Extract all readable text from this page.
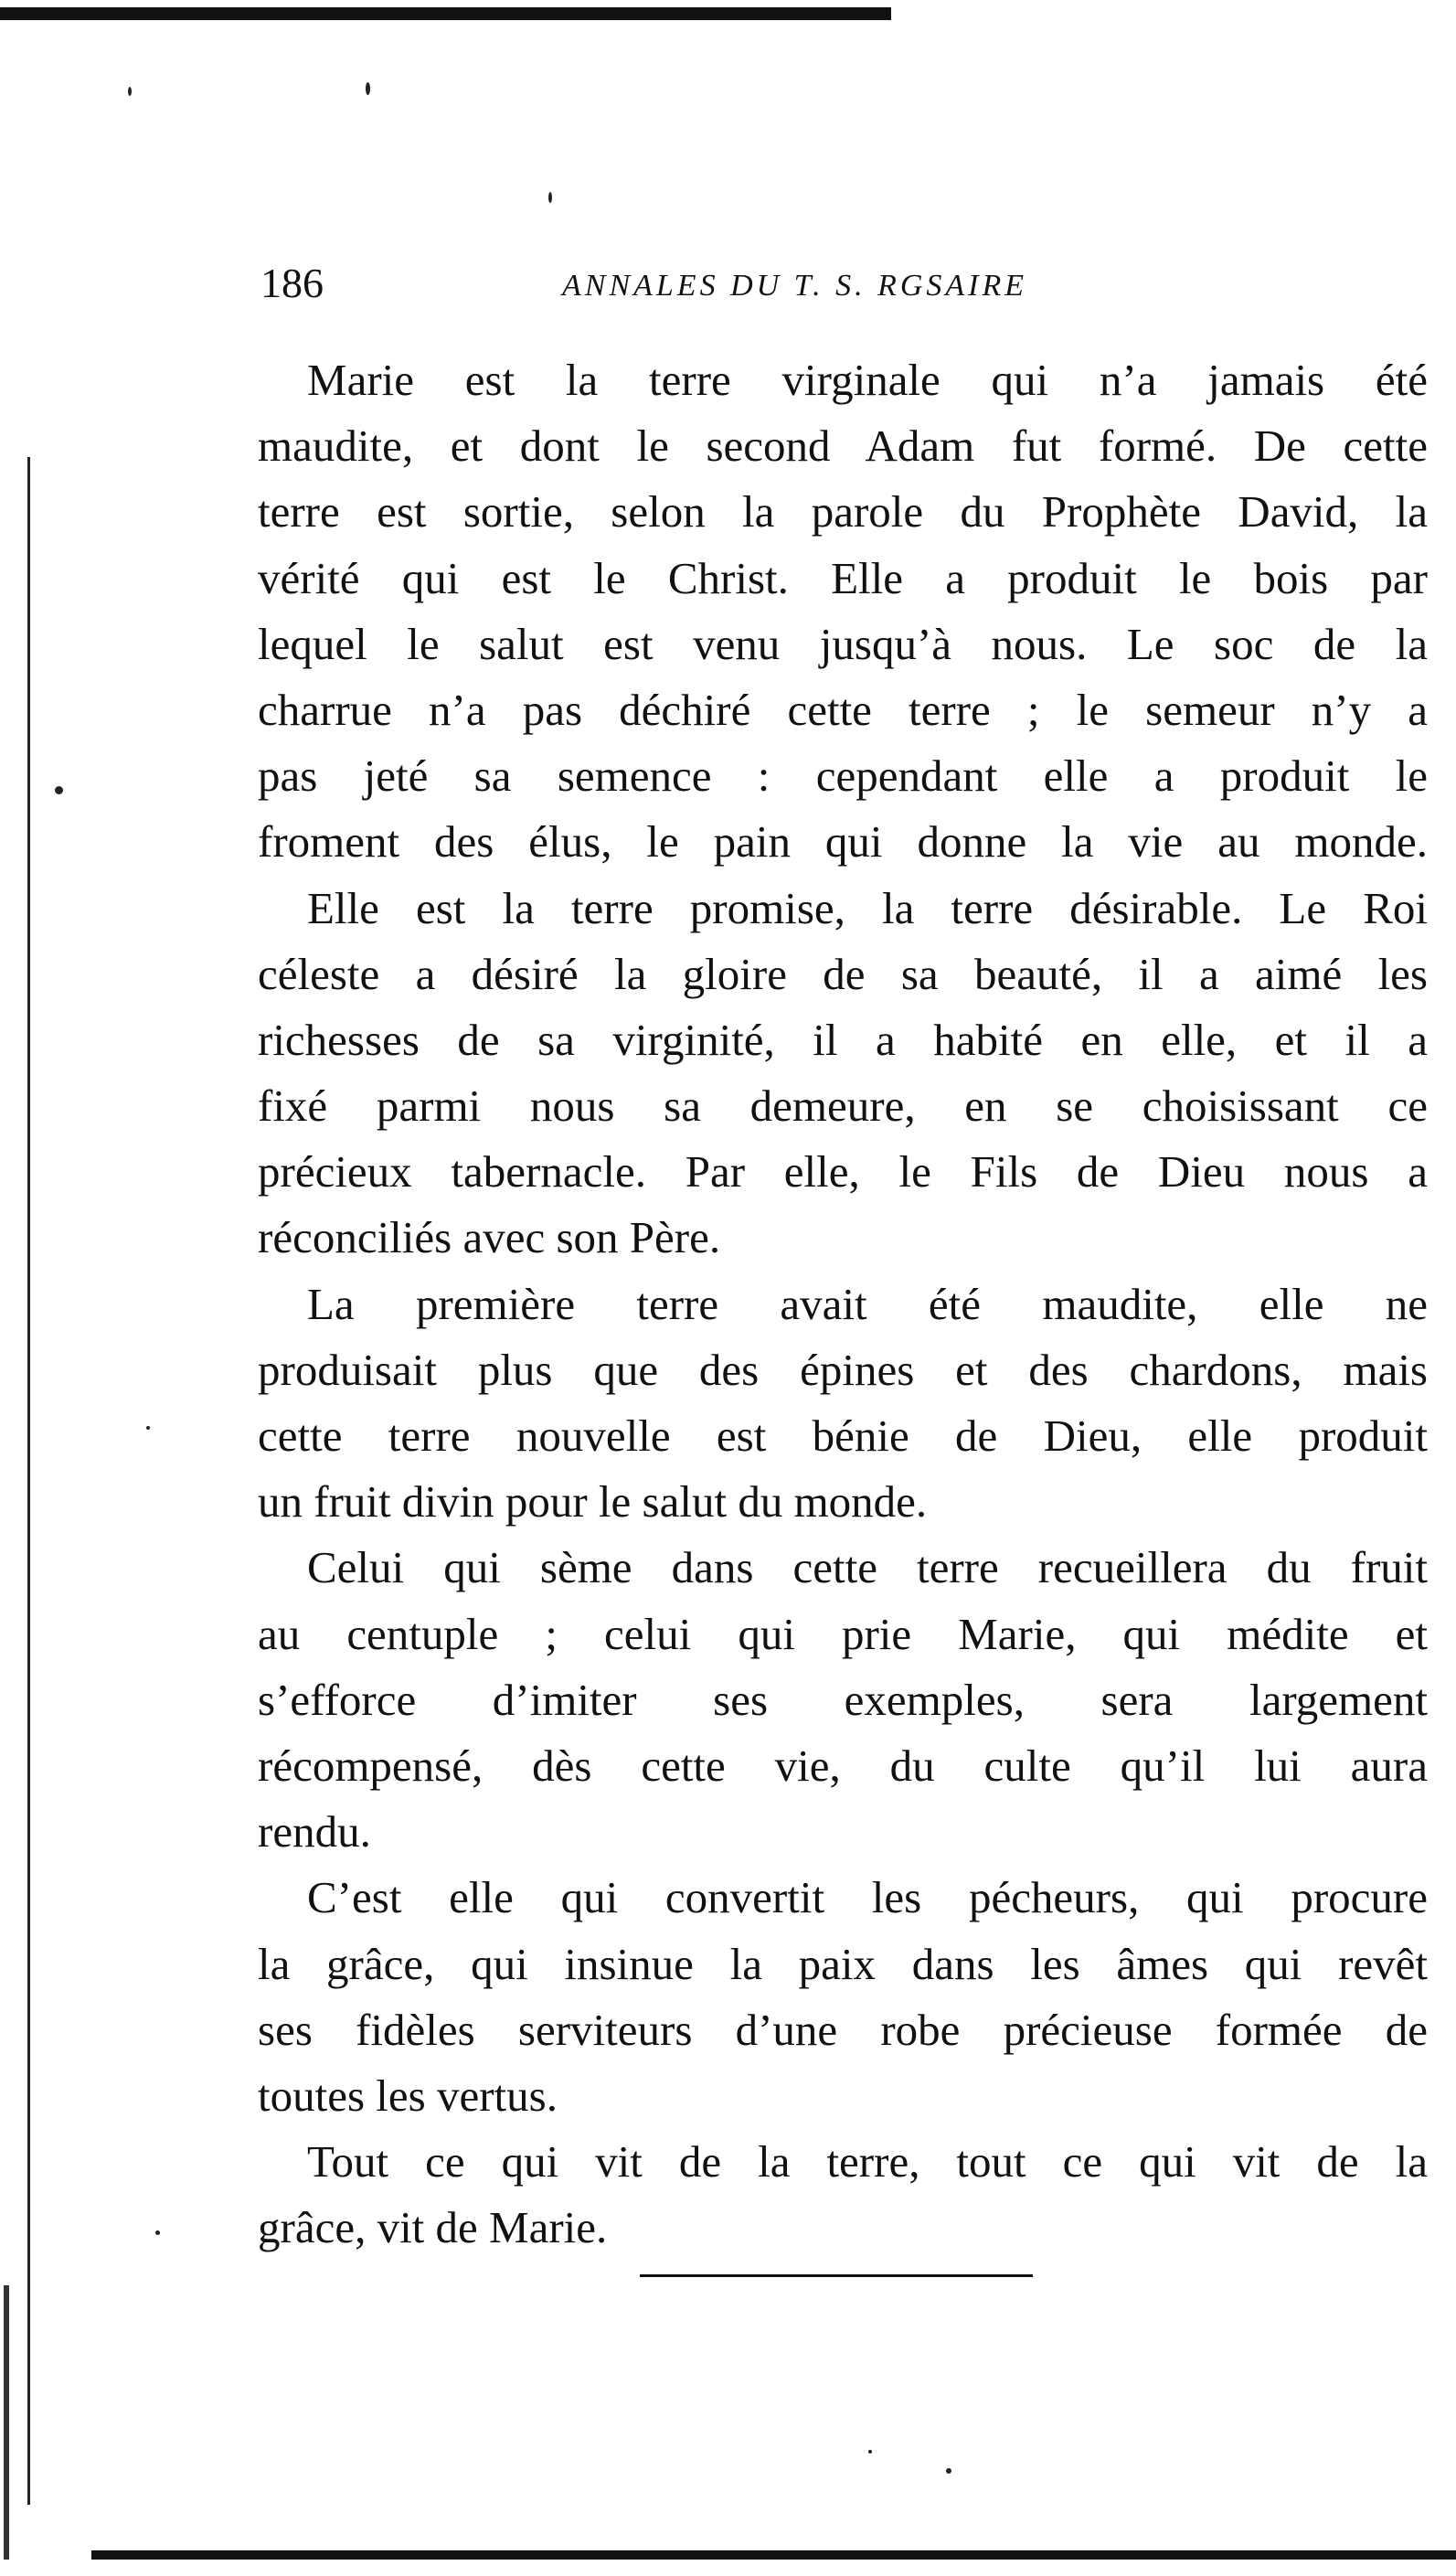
186	ANNALES DU T. S. RGSAIRE
Marie est la terre virginale qui n’a jamais été
maudite, et dont le second Adam fut formé. De cette
terre est sortie, selon la parole du Prophète David, la
vérité qui est le Christ. Elle a produit le bois par
lequel le salut est venu jusqu’à nous. Le soc de la
charrue n’a pas déchiré cette terre ; le semeur n’y a
pas jeté sa semence : cependant elle a produit le
froment des élus, le pain qui donne la vie au monde.
Elle est la terre promise, la terre désirable. Le Roi
céleste a désiré la gloire de sa beauté, il a aimé les
richesses de sa virginité, il a habité en elle, et il a
fixé parmi nous sa demeure, en se choisissant ce
précieux tabernacle. Par elle, le Fils de Dieu nous a
réconciliés avec son Père.
La première terre avait été maudite, elle ne
produisait plus que des épines et des chardons, mais
cette terre nouvelle est bénie de Dieu, elle produit
un fruit divin pour le salut du monde.
Celui qui sème dans cette terre recueillera du fruit
au centuple ; celui qui prie Marie, qui médite et
s’efforce d’imiter ses exemples, sera largement
récompensé, dès cette vie, du culte qu’il lui aura
rendu.
C’est elle qui convertit les pécheurs, qui procure
la grâce, qui insinue la paix dans les âmes qui revêt
ses fidèles serviteurs d’une robe précieuse formée de
toutes les vertus.
Tout ce qui vit de la terre, tout ce qui vit de la
grâce, vit de Marie.
